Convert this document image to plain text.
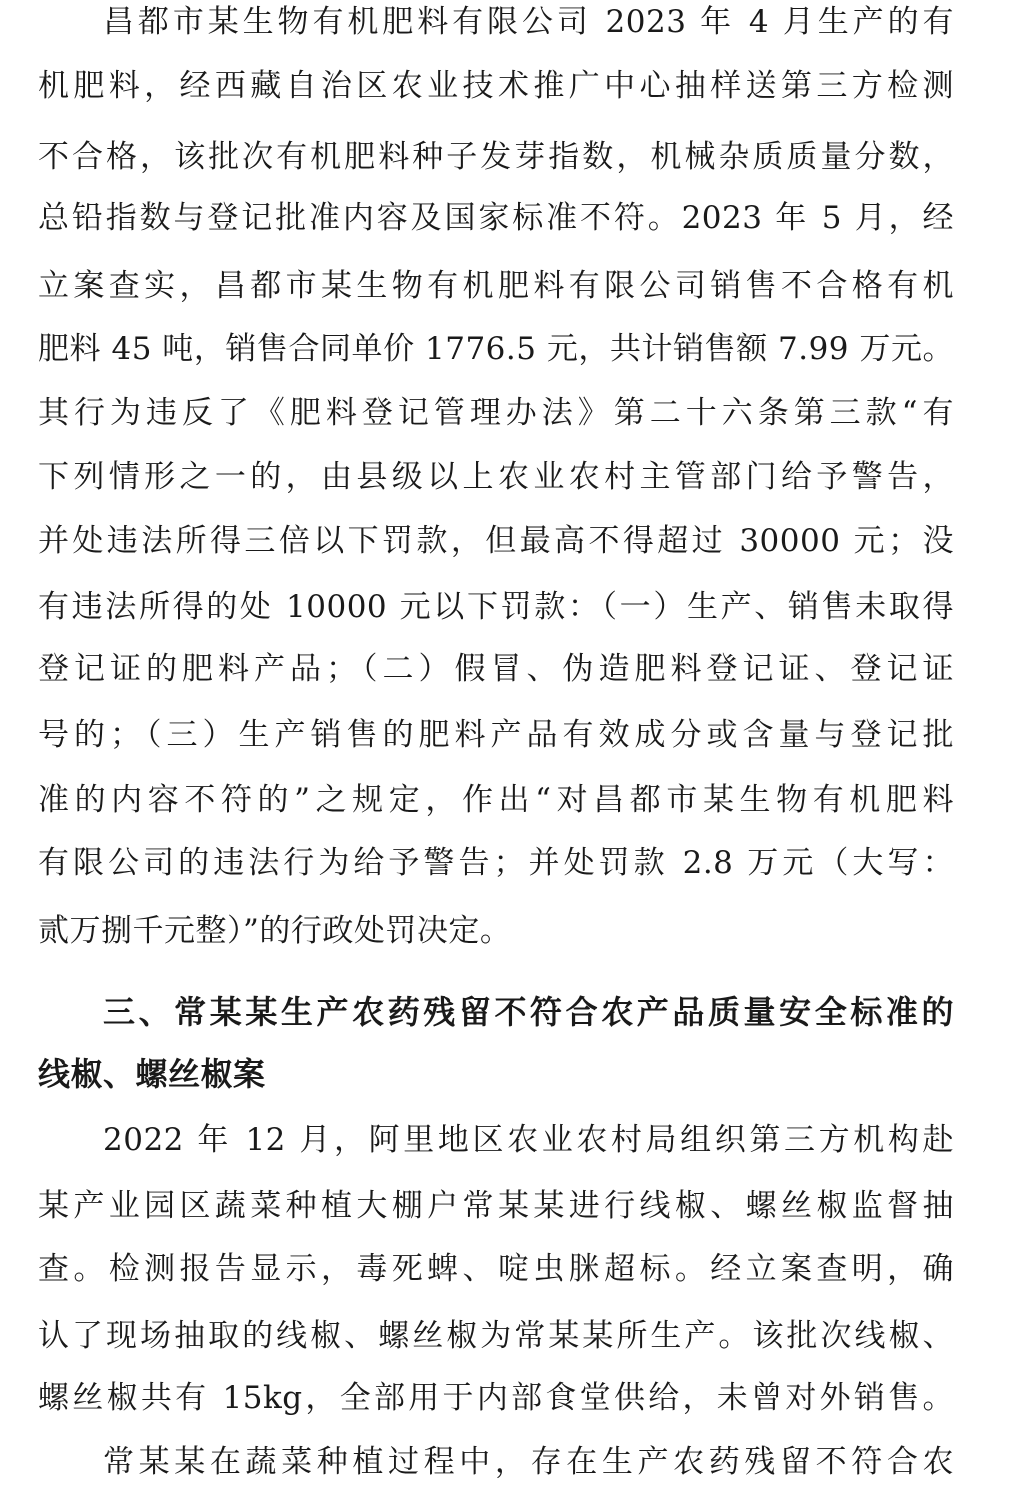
昌都市某生物有机肥料有限公司 2023 年 4 月生产的有
机肥料，经西藏自治区农业技术推广中心抽样送第三方检测
不合格，该批次有机肥料种子发芽指数，机械杂质质量分数，
总铅指数与登记批准内容及国家标准不符。2023 年 5 月，经
立案查实，昌都市某生物有机肥料有限公司销售不合格有机
肥料 45 吨，销售合同单价 1776.5 元，共计销售额 7.99 万元。
其行为违反了《肥料登记管理办法》第二十六条第三款“有
下列情形之一的，由县级以上农业农村主管部门给予警告，
并处违法所得三倍以下罚款，但最高不得超过 30000 元；没
有违法所得的处 10000 元以下罚款：（一）生产、销售未取得
登记证的肥料产品；（二）假冒、伪造肥料登记证、登记证
号的；（三）生产销售的肥料产品有效成分或含量与登记批
准的内容不符的”之规定，作出“对昌都市某生物有机肥料
有限公司的违法行为给予警告；并处罚款 2.8 万元（大写：
贰万捌千元整）”的行政处罚决定。
三、常某某生产农药残留不符合农产品质量安全标准的
线椒、螺丝椒案
2022 年 12 月，阿里地区农业农村局组织第三方机构赴
某产业园区蔬菜种植大棚户常某某进行线椒、螺丝椒监督抽
查。检测报告显示，毒死蜱、啶虫脒超标。经立案查明，确
认了现场抽取的线椒、螺丝椒为常某某所生产。该批次线椒、
螺丝椒共有 15kg，全部用于内部食堂供给，未曾对外销售。
常某某在蔬菜种植过程中，存在生产农药残留不符合农
